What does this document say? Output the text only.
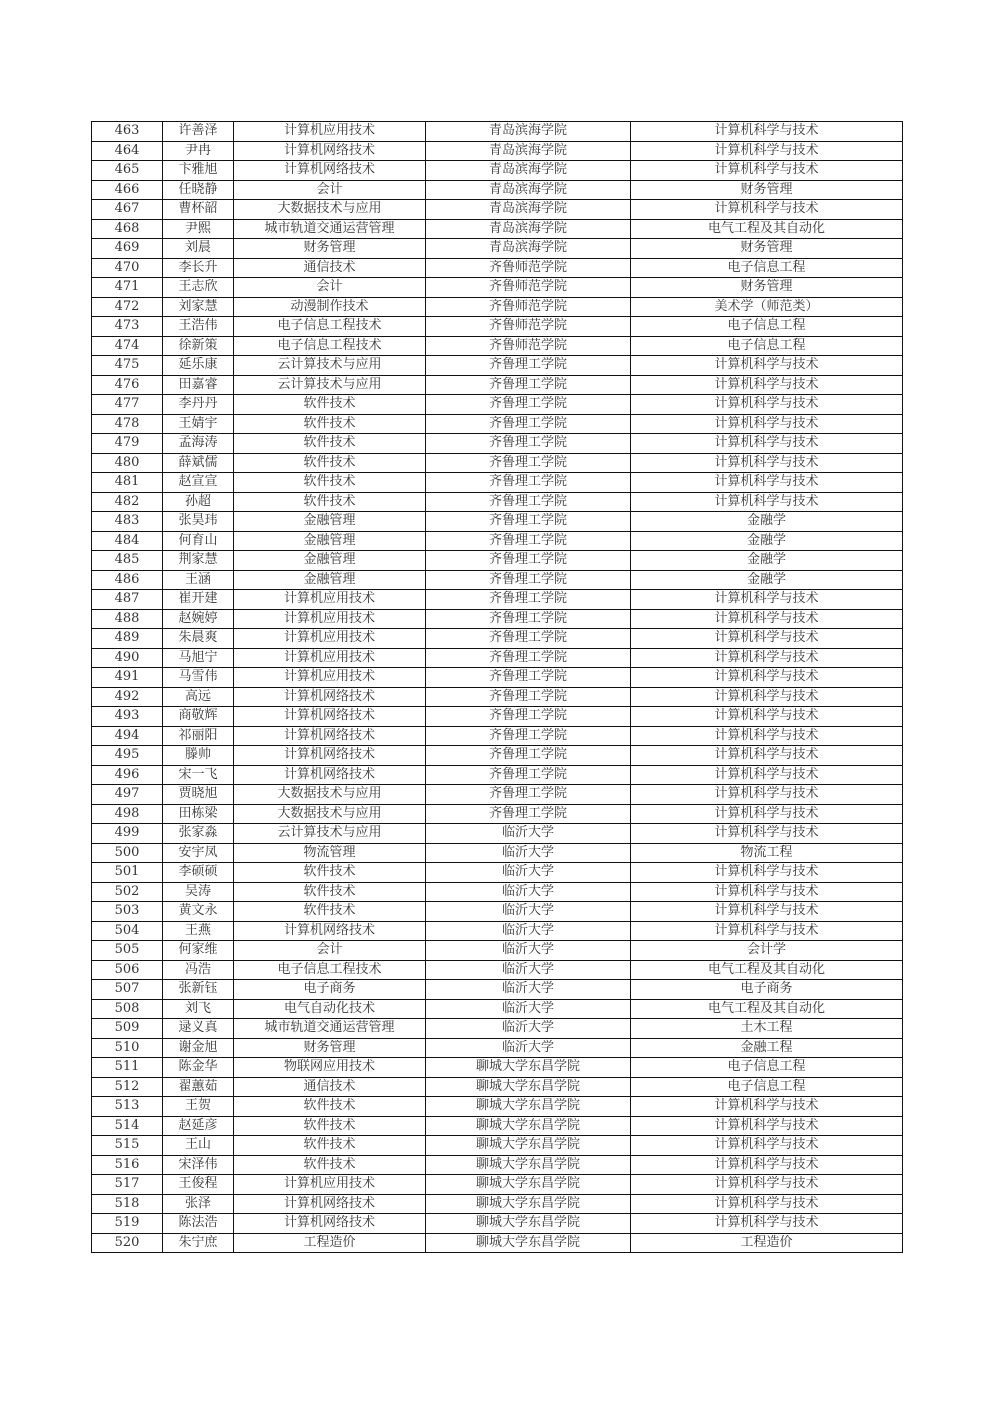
463	许善泽	计算机应用技术	青岛滨海学院	计算机科学与技术
464	尹冉	计算机网络技术	青岛滨海学院	计算机科学与技术
465	卞雅旭	计算机网络技术	青岛滨海学院	计算机科学与技术
466	任晓静	会计	青岛滨海学院	财务管理
467	曹杯韶	大数据技术与应用	青岛滨海学院	计算机科学与技术
468	尹熙	城市轨道交通运营管理	青岛滨海学院	电气工程及其自动化
469	刘晨	财务管理	青岛滨海学院	财务管理
470	李长升	通信技术	齐鲁师范学院	电子信息工程
471	王志欣	会计	齐鲁师范学院	财务管理
472	刘家慧	动漫制作技术	齐鲁师范学院	美术学（师范类）
473	王浩伟	电子信息工程技术	齐鲁师范学院	电子信息工程
474	徐新策	电子信息工程技术	齐鲁师范学院	电子信息工程
475	延乐康	云计算技术与应用	齐鲁理工学院	计算机科学与技术
476	田嘉睿	云计算技术与应用	齐鲁理工学院	计算机科学与技术
477	李丹丹	软件技术	齐鲁理工学院	计算机科学与技术
478	王婧宇	软件技术	齐鲁理工学院	计算机科学与技术
479	孟海涛	软件技术	齐鲁理工学院	计算机科学与技术
480	薛斌儒	软件技术	齐鲁理工学院	计算机科学与技术
481	赵宣宣	软件技术	齐鲁理工学院	计算机科学与技术
482	孙超	软件技术	齐鲁理工学院	计算机科学与技术
483	张昊玮	金融管理	齐鲁理工学院	金融学
484	何育山	金融管理	齐鲁理工学院	金融学
485	荆家慧	金融管理	齐鲁理工学院	金融学
486	王涵	金融管理	齐鲁理工学院	金融学
487	崔开建	计算机应用技术	齐鲁理工学院	计算机科学与技术
488	赵婉婷	计算机应用技术	齐鲁理工学院	计算机科学与技术
489	朱晨爽	计算机应用技术	齐鲁理工学院	计算机科学与技术
490	马旭宁	计算机应用技术	齐鲁理工学院	计算机科学与技术
491	马雪伟	计算机应用技术	齐鲁理工学院	计算机科学与技术
492	高远	计算机网络技术	齐鲁理工学院	计算机科学与技术
493	商敬辉	计算机网络技术	齐鲁理工学院	计算机科学与技术
494	祁丽阳	计算机网络技术	齐鲁理工学院	计算机科学与技术
495	滕帅	计算机网络技术	齐鲁理工学院	计算机科学与技术
496	宋一飞	计算机网络技术	齐鲁理工学院	计算机科学与技术
497	贾晓旭	大数据技术与应用	齐鲁理工学院	计算机科学与技术
498	田栋梁	大数据技术与应用	齐鲁理工学院	计算机科学与技术
499	张家淼	云计算技术与应用	临沂大学	计算机科学与技术
500	安宇凤	物流管理	临沂大学	物流工程
501	李硕硕	软件技术	临沂大学	计算机科学与技术
502	吴涛	软件技术	临沂大学	计算机科学与技术
503	黄文永	软件技术	临沂大学	计算机科学与技术
504	王燕	计算机网络技术	临沂大学	计算机科学与技术
505	何家维	会计	临沂大学	会计学
506	冯浩	电子信息工程技术	临沂大学	电气工程及其自动化
507	张新钰	电子商务	临沂大学	电子商务
508	刘飞	电气自动化技术	临沂大学	电气工程及其自动化
509	逯义真	城市轨道交通运营管理	临沂大学	土木工程
510	谢金旭	财务管理	临沂大学	金融工程
511	陈金华	物联网应用技术	聊城大学东昌学院	电子信息工程
512	翟蕙茹	通信技术	聊城大学东昌学院	电子信息工程
513	王贺	软件技术	聊城大学东昌学院	计算机科学与技术
514	赵延彦	软件技术	聊城大学东昌学院	计算机科学与技术
515	王山	软件技术	聊城大学东昌学院	计算机科学与技术
516	宋泽伟	软件技术	聊城大学东昌学院	计算机科学与技术
517	王俊程	计算机应用技术	聊城大学东昌学院	计算机科学与技术
518	张泽	计算机网络技术	聊城大学东昌学院	计算机科学与技术
519	陈法浩	计算机网络技术	聊城大学东昌学院	计算机科学与技术
520	朱宁庶	工程造价	聊城大学东昌学院	工程造价
